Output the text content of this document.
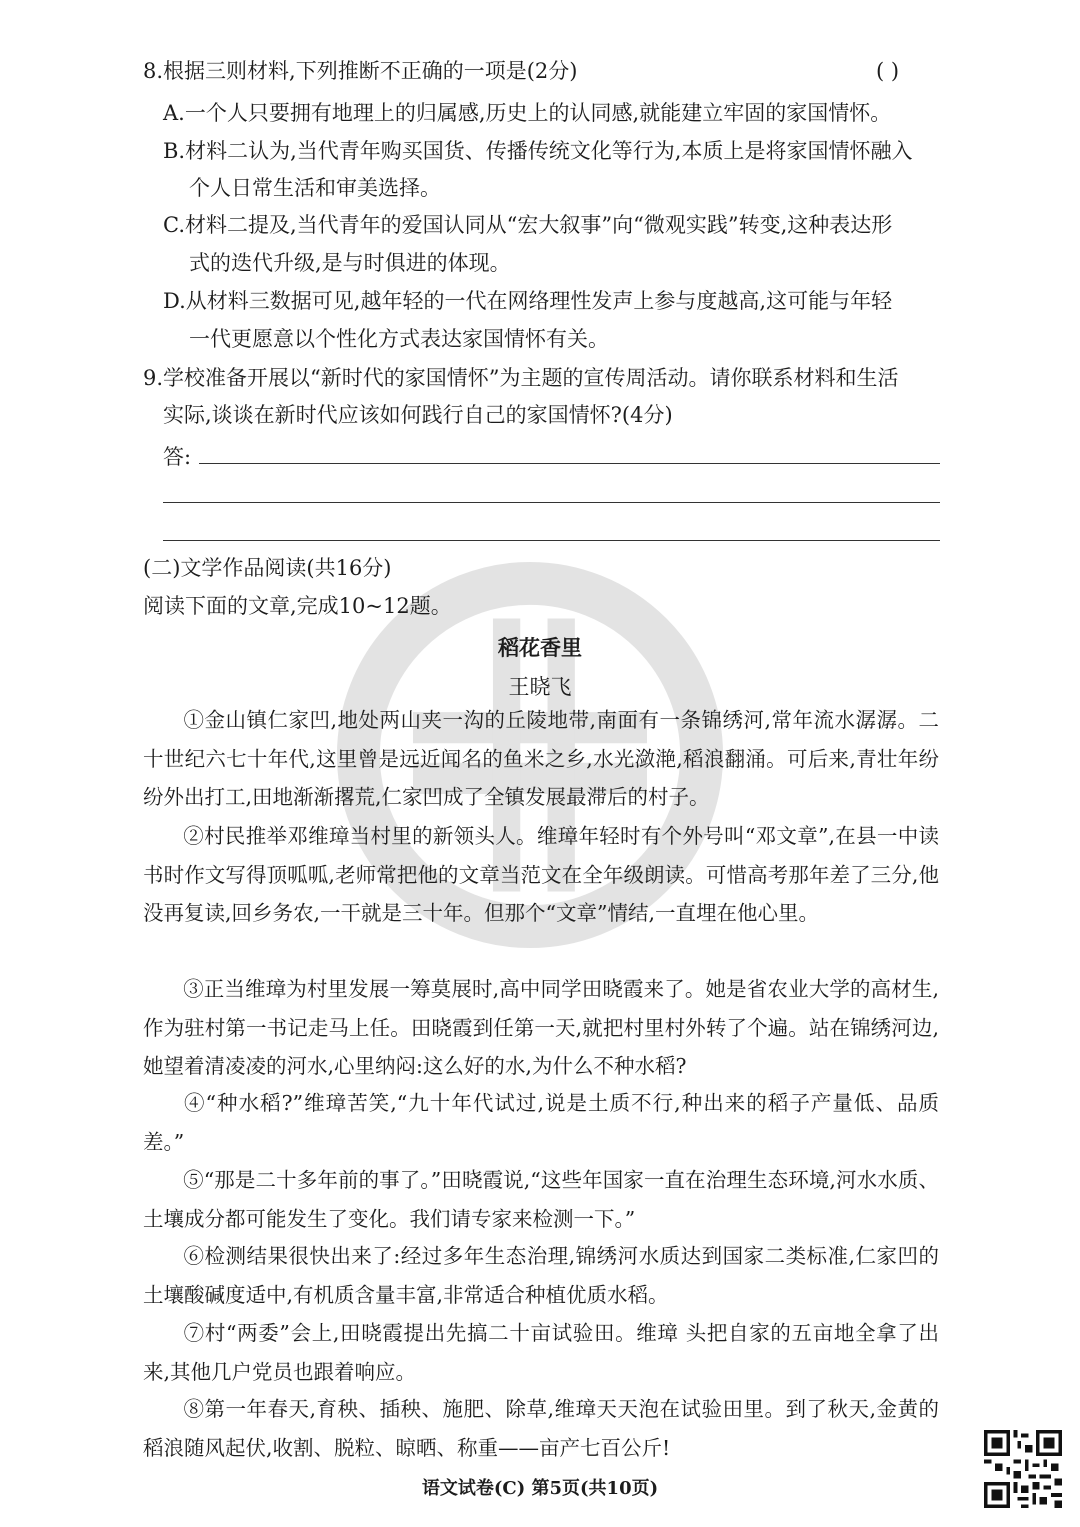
8.根据三则材料,下列推断不正确的一项是(2分)	( )
A.一个人只要拥有地理上的归属感,历史上的认同感,就能建立牢固的家国情怀。
B.材料二认为,当代青年购买国货、传播传统文化等行为,本质上是将家国情怀融入
个人日常生活和审美选择。
C.材料二提及,当代青年的爱国认同从“宏大叙事”向“微观实践”转变,这种表达形
式的迭代升级,是与时俱进的体现。
D.从材料三数据可见,越年轻的一代在网络理性发声上参与度越高,这可能与年轻
一代更愿意以个性化方式表达家国情怀有关。
9.学校准备开展以“新时代的家国情怀”为主题的宣传周活动。请你联系材料和生活
实际,谈谈在新时代应该如何践行自己的家国情怀?(4分)
答:
(二)文学作品阅读(共16分)
阅读下面的文章,完成10~12题。
稻花香里
王晓飞
①金山镇仁家凹,地处两山夹一沟的丘陵地带,南面有一条锦绣河,常年流水潺潺。二十世纪六七十年代,这里曾是远近闻名的鱼米之乡,水光潋滟,稻浪翻涌。可后来,青壮年纷纷外出打工,田地渐渐撂荒,仁家凹成了全镇发展最滞后的村子。
②村民推举邓维璋当村里的新领头人。维璋年轻时有个外号叫“邓文章”,在县一中读书时作文写得顶呱呱,老师常把他的文章当范文在全年级朗读。可惜高考那年差了三分,他没再复读,回乡务农,一干就是三十年。但那个“文章”情结,一直埋在他心里。
③正当维璋为村里发展一筹莫展时,高中同学田晓霞来了。她是省农业大学的高材生,作为驻村第一书记走马上任。田晓霞到任第一天,就把村里村外转了个遍。站在锦绣河边,她望着清凌凌的河水,心里纳闷:这么好的水,为什么不种水稻?
④“种水稻?”维璋苦笑,“九十年代试过,说是土质不行,种出来的稻子产量低、品质差。”
⑤“那是二十多年前的事了。”田晓霞说,“这些年国家一直在治理生态环境,河水水质、土壤成分都可能发生了变化。我们请专家来检测一下。”
⑥检测结果很快出来了:经过多年生态治理,锦绣河水质达到国家二类标准,仁家凹的土壤酸碱度适中,有机质含量丰富,非常适合种植优质水稻。
⑦村“两委”会上,田晓霞提出先搞二十亩试验田。维璋 头把自家的五亩地全拿了出来,其他几户党员也跟着响应。
⑧第一年春天,育秧、插秧、施肥、除草,维璋天天泡在试验田里。到了秋天,金黄的稻浪随风起伏,收割、脱粒、晾晒、称重——亩产七百公斤!
语文试卷(C) 第5页(共10页)
